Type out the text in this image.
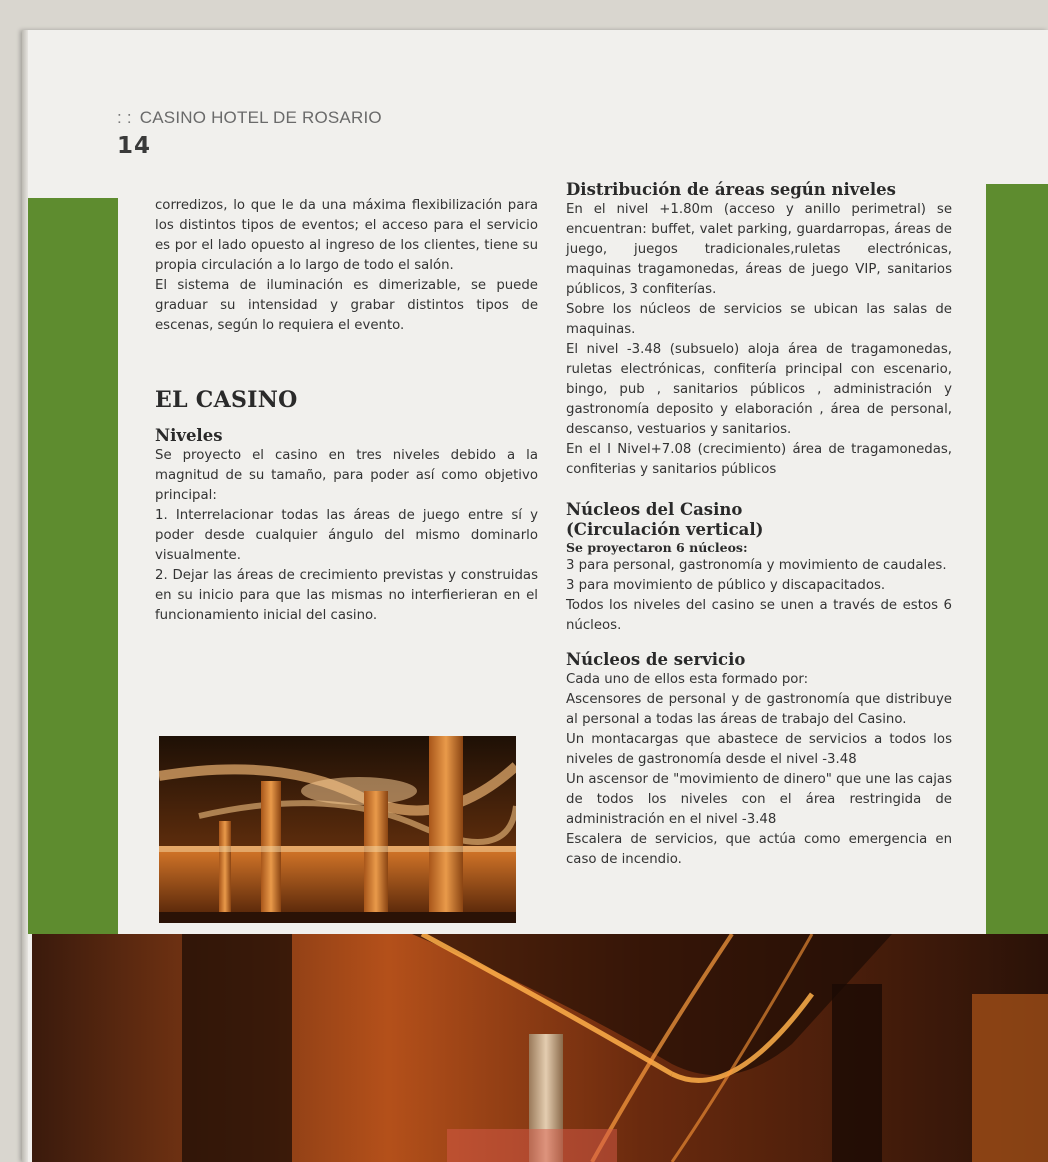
: : CASINO HOTEL DE ROSARIO
14

corredizos, lo que le da una máxima flexibilización para los distintos tipos de eventos; el acceso para el servicio es por el lado opuesto al ingreso de los clientes, tiene su propia circulación a lo largo de todo el salón.

El sistema de iluminación es dimerizable, se puede graduar su intensidad y grabar distintos tipos de escenas, según lo requiera el evento.

EL CASINO
Niveles

Se proyecto el casino en tres niveles debido a la magnitud de su tamaño, para poder así como objetivo principal:

1. Interrelacionar todas las áreas de juego entre sí y poder desde cualquier ángulo del mismo dominarlo visualmente.

2. Dejar las áreas de crecimiento previstas y construidas en su inicio para que las mismas no interfierieran en el funcionamiento inicial del casino.

Distribución de áreas según niveles

En el nivel +1.80m (acceso y anillo perimetral) se encuentran: buffet, valet parking, guardarropas, áreas de juego, juegos tradicionales,ruletas electrónicas, maquinas tragamonedas, áreas de juego VIP, sanitarios públicos, 3 confiterías.

Sobre los núcleos de servicios se ubican las salas de maquinas.

El nivel -3.48 (subsuelo) aloja área de tragamonedas, ruletas electrónicas, confitería principal con escenario, bingo, pub , sanitarios públicos , administración y gastronomía deposito y elaboración , área de personal, descanso, vestuarios y sanitarios.

En el I Nivel+7.08 (crecimiento) área de tragamonedas, confiterias y sanitarios públicos

Núcleos del Casino
(Circulación vertical)
Se proyectaron 6 núcleos:

3 para personal, gastronomía y movimiento de caudales.

3 para movimiento de público y discapacitados.

Todos los niveles del casino se unen a través de estos 6 núcleos.

Núcleos de servicio

Cada uno de ellos esta formado por:

Ascensores de personal y de gastronomía que distribuye al personal a todas las áreas de trabajo del Casino.

Un montacargas que abastece de servicios a todos los niveles de gastronomía desde el nivel -3.48

Un ascensor de "movimiento de dinero" que une las cajas de todos los niveles con el área restringida de administración en el nivel -3.48

Escalera de servicios, que actúa como emergencia en caso de incendio.
